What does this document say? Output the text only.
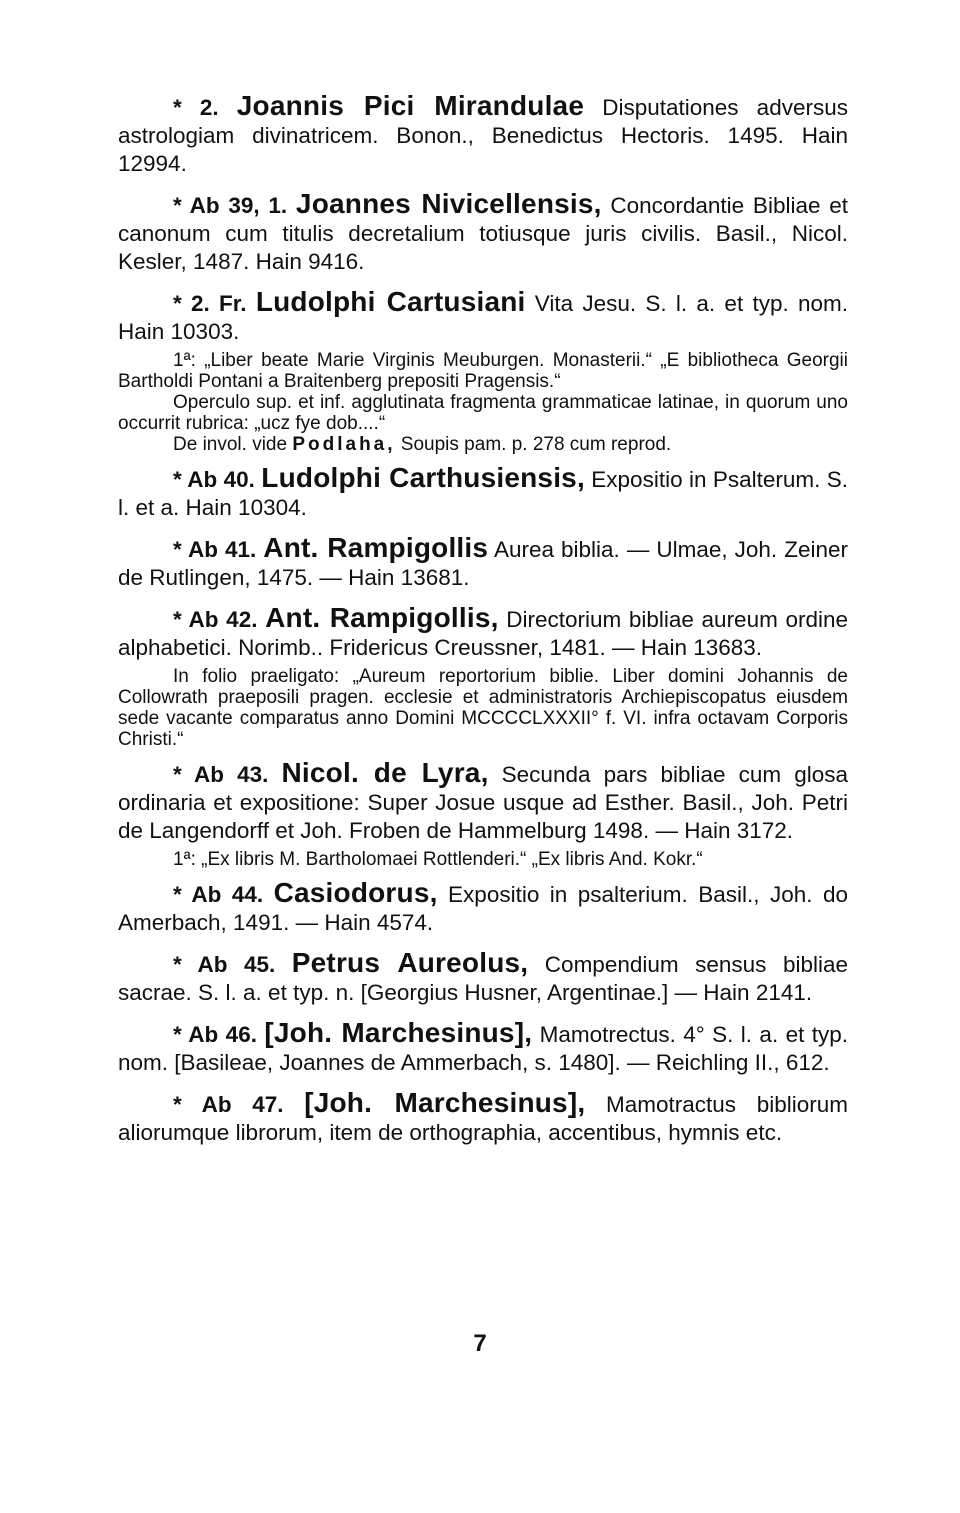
* 2. Joannis Pici Mirandulae Disputationes adversus astrologiam divinatricem. Bonon., Benedictus Hectoris. 1495. Hain 12994.
* Ab 39, 1. Joannes Nivicellensis, Concordantie Bibliae et canonum cum titulis decretalium totiusque juris civilis. Basil., Nicol. Kesler, 1487. Hain 9416.
* 2. Fr. Ludolphi Cartusiani Vita Jesu. S. l. a. et typ. nom. Hain 10303.

1ª: „Liber beate Marie Virginis Meuburgen. Monasterii.“ „E bibliotheca Georgii Bartholdi Pontani a Braitenberg prepositi Pragensis.“

Operculo sup. et inf. agglutinata fragmenta grammaticae latinae, in quorum uno occurrit rubrica: „ucz fye dob....“

De invol. vide Podlaha, Soupis pam. p. 278 cum reprod.

* Ab 40. Ludolphi Carthusiensis, Expositio in Psalterum. S. l. et a. Hain 10304.
* Ab 41. Ant. Rampigollis Aurea biblia. — Ulmae, Joh. Zeiner de Rutlingen, 1475. — Hain 13681.
* Ab 42. Ant. Rampigollis, Directorium bibliae aureum ordine alphabetici. Norimb.. Fridericus Creussner, 1481. — Hain 13683.

In folio praeligato: „Aureum reportorium biblie. Liber domini Johannis de Collowrath praeposili pragen. ecclesie et administratoris Archiepiscopatus eiusdem sede vacante comparatus anno Domini MCCCCLXXXII° f. VI. infra octavam Corporis Christi.“

* Ab 43. Nicol. de Lyra, Secunda pars bibliae cum glosa ordinaria et expositione: Super Josue usque ad Esther. Basil., Joh. Petri de Langendorff et Joh. Froben de Hammelburg 1498. — Hain 3172.

1ª: „Ex libris M. Bartholomaei Rottlenderi.“ „Ex libris And. Kokr.“

* Ab 44. Casiodorus, Expositio in psalterium. Basil., Joh. do Amerbach, 1491. — Hain 4574.
* Ab 45. Petrus Aureolus, Compendium sensus bibliae sacrae. S. l. a. et typ. n. [Georgius Husner, Argentinae.] — Hain 2141.
* Ab 46. [Joh. Marchesinus], Mamotrectus. 4° S. l. a. et typ. nom. [Basileae, Joannes de Ammerbach, s. 1480]. — Reichling II., 612.
* Ab 47. [Joh. Marchesinus], Mamotractus bibliorum aliorumque librorum, item de orthographia, accentibus, hymnis etc.
7
